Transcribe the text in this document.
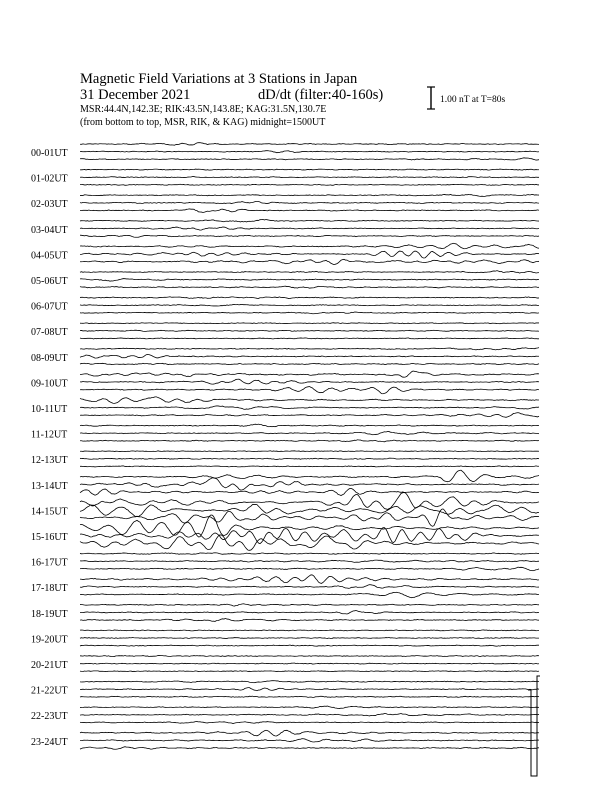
Magnetic Field Variations at 3 Stations in Japan
31 December 2021	dD/dt (filter:40-160s)
MSR:44.4N,142.3E; RIK:43.5N,143.8E; KAG:31.5N,130.7E
(from bottom to top, MSR, RIK, & KAG) midnight=1500UT
1.00 nT at T=80s
00-01UT
01-02UT
02-03UT
03-04UT
04-05UT
05-06UT
06-07UT
07-08UT
08-09UT
09-10UT
10-11UT
11-12UT
12-13UT
13-14UT
14-15UT
15-16UT
16-17UT
17-18UT
18-19UT
19-20UT
20-21UT
21-22UT
22-23UT
23-24UT
